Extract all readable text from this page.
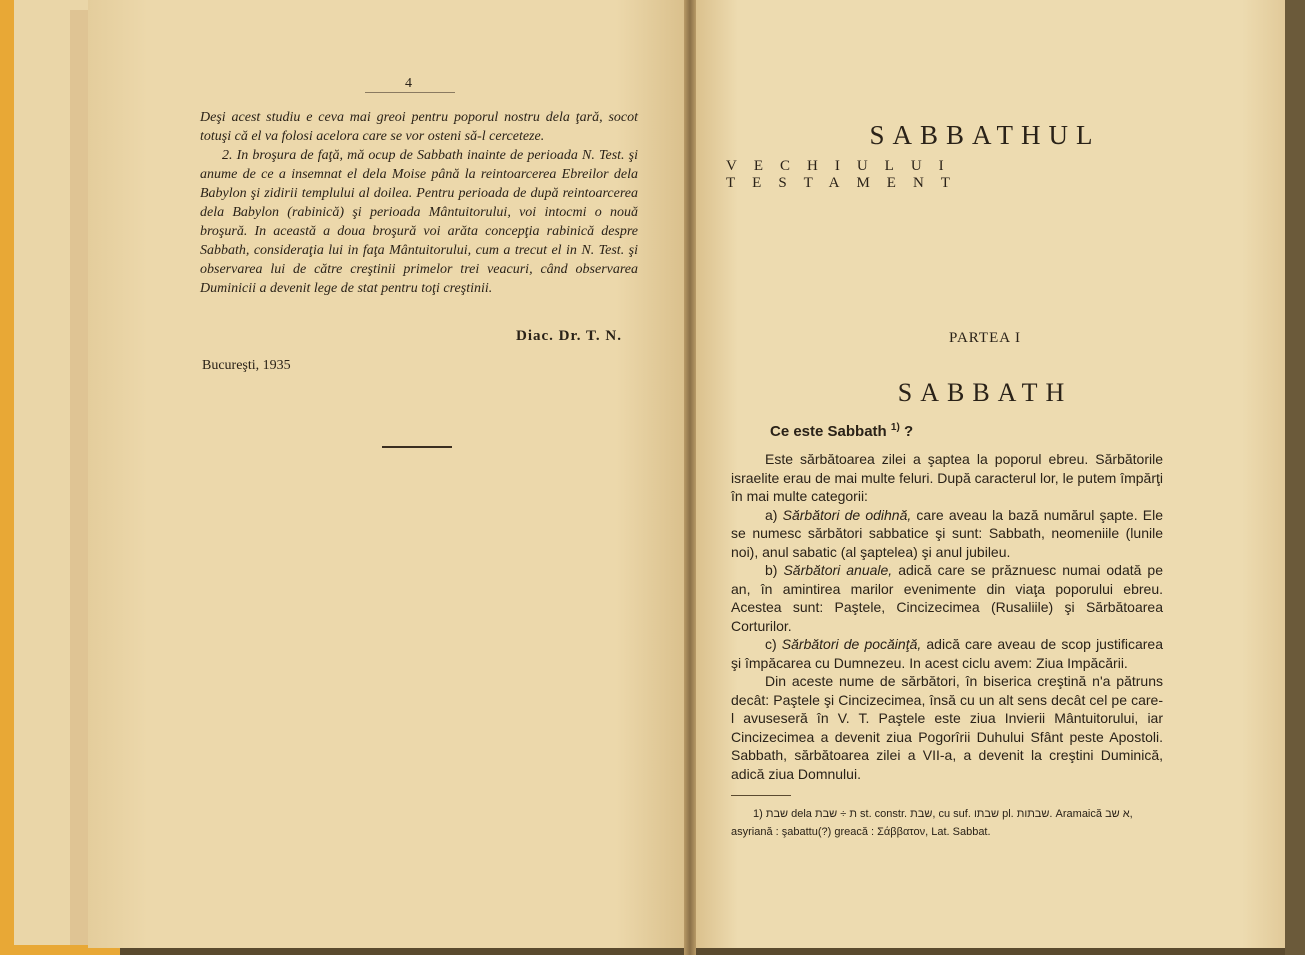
4

Deşi acest studiu e ceva mai greoi pentru poporul nostru dela ţară, socot totuşi că el va folosi acelora care se vor osteni să-l cerceteze.

2. In broşura de faţă, mă ocup de Sabbath inainte de perioada N. Test. şi anume de ce a insemnat el dela Moise până la reintoarcerea Ebreilor dela Babylon şi zidirii templului al doilea. Pentru perioada de după reintoarcerea dela Babylon (rabinică) şi perioada Mântuitorului, voi intocmi o nouă broşură. In această a doua broşură voi arăta concepţia rabinică despre Sabbath, consideraţia lui in faţa Mântuitorului, cum a trecut el in N. Test. şi observarea lui de către creştinii primelor trei veacuri, când observarea Duminicii a devenit lege de stat pentru toţi creştinii.

Diac. Dr. T. N.
Bucureşti, 1935
SABBATHUL
VECHIULUI TESTAMENT
PARTEA I
SABBATH
Ce este Sabbath $^{1)}$ ?

Este sărbătoarea zilei a şaptea la poporul ebreu. Sărbătorile israelite erau de mai multe feluri. După caracterul lor, le putem împărţi în mai multe categorii:

a) Sărbători de odihnă, care aveau la bază numărul şapte. Ele se numesc sărbători sabbatice şi sunt: Sabbath, neomeniile (lunile noi), anul sabatic (al şaptelea) şi anul jubileu.

b) Sărbători anuale, adică care se prăznuesc numai odată pe an, în amintirea marilor evenimente din viaţa poporului ebreu. Acestea sunt: Paştele, Cincizecimea (Rusaliile) şi Sărbătoarea Corturilor.

c) Sărbători de pocăinţă, adică care aveau de scop justificarea şi împăcarea cu Dumnezeu. In acest ciclu avem: Ziua Impăcării.

Din aceste nume de sărbători, în biserica creştină n'a pătruns decât: Paştele şi Cincizecimea, însă cu un alt sens decât cel pe care-l avuseseră în V. T. Paştele este ziua Invierii Mântuitorului, iar Cincizecimea a devenit ziua Pogorîrii Duhului Sfânt peste Apostoli. Sabbath, sărbătoarea zilei a VII-a, a devenit la creştini Duminică, adică ziua Domnului.

1) שבת dela ת ÷ שבת st. constr. שבת, cu suf. שבתו pl. שבתות. Aramaică א שב, asyriană : şabattu(?) greacă : Σάββατον, Lat. Sabbat.
